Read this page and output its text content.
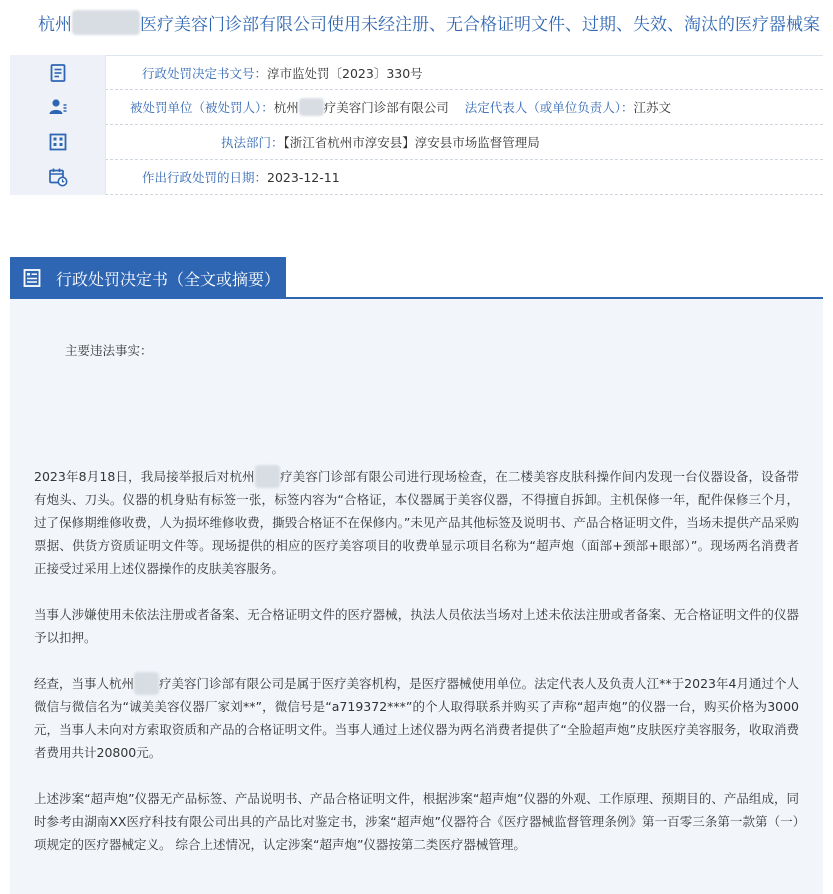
杭州	医疗美容门诊部有限公司使用未经注册、无合格证明文件、过期、失效、淘汰的医疗器械案
行政处罚决定书文号：淳市监处罚〔2023〕330号
被处罚单位（被处罚人）：杭州 疗美容门诊部有限公司 法定代表人（或单位负责人）：江苏文
执法部门：【浙江省杭州市淳安县】淳安县市场监督管理局
作出行政处罚的日期：2023-12-11
行政处罚决定书（全文或摘要）

主要违法事实：

2023年8月18日，我局接举报后对杭州 疗美容门诊部有限公司进行现场检查，在二楼美容皮肤科操作间内发现一台仪器设备，设备带有炮头、刀头。仪器的机身贴有标签一张，标签内容为“合格证，本仪器属于美容仪器，不得擅自拆卸。主机保修一年，配件保修三个月，过了保修期维修收费，人为损坏维修收费，撕毁合格证不在保修内。”未见产品其他标签及说明书、产品合格证明文件，当场未提供产品采购票据、供货方资质证明文件等。现场提供的相应的医疗美容项目的收费单显示项目名称为“超声炮（面部+颈部+眼部）”。现场两名消费者正接受过采用上述仪器操作的皮肤美容服务。

当事人涉嫌使用未依法注册或者备案、无合格证明文件的医疗器械，执法人员依法当场对上述未依法注册或者备案、无合格证明文件的仪器予以扣押。

经查，当事人杭州 疗美容门诊部有限公司是属于医疗美容机构，是医疗器械使用单位。法定代表人及负责人江**于2023年4月通过个人微信与微信名为“诚美美容仪器厂家刘**”，微信号是“a719372***”的个人取得联系并购买了声称“超声炮”的仪器一台，购买价格为3000元，当事人未向对方索取资质和产品的合格证明文件。当事人通过上述仪器为两名消费者提供了“全脸超声炮”皮肤医疗美容服务，收取消费者费用共计20800元。

上述涉案“超声炮”仪器无产品标签、产品说明书、产品合格证明文件，根据涉案“超声炮”仪器的外观、工作原理、预期目的、产品组成，同时参考由湖南XX医疗科技有限公司出具的产品比对鉴定书，涉案“超声炮”仪器符合《医疗器械监督管理条例》第一百零三条第一款第（一）项规定的医疗器械定义。 综合上述情况，认定涉案“超声炮”仪器按第二类医疗器械管理。
